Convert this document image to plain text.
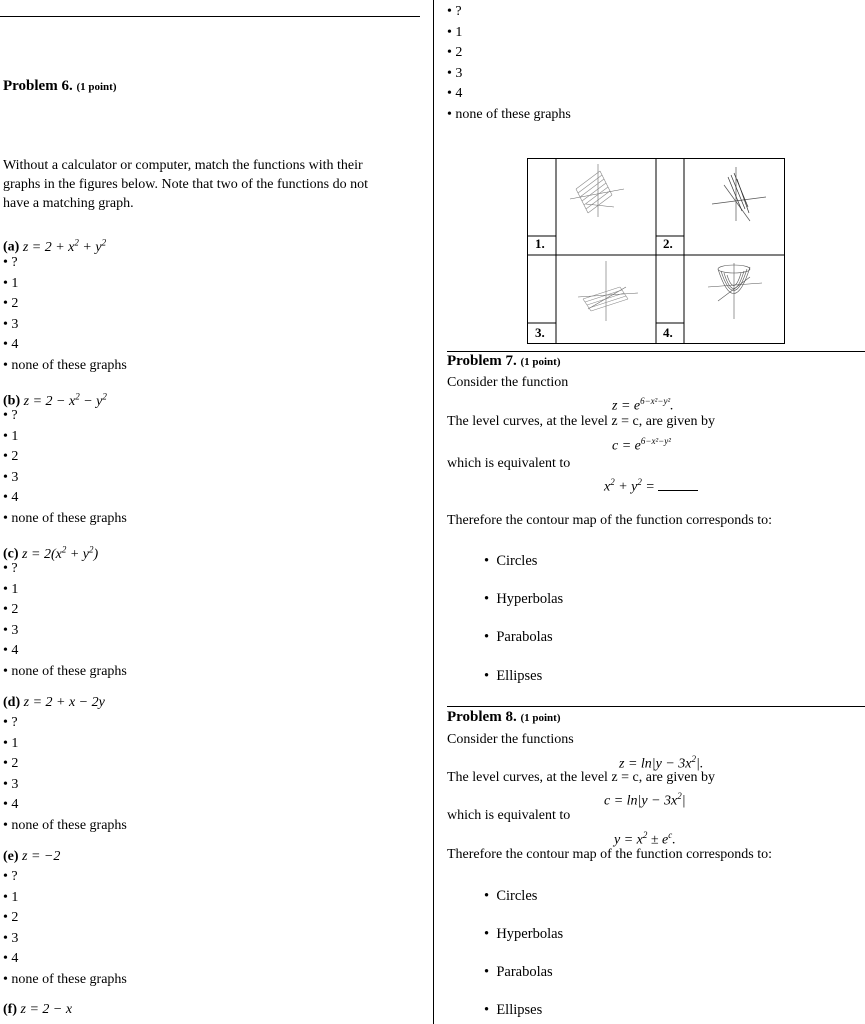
Problem 6. (1 point)
Without a calculator or computer, match the functions with their
graphs in the figures below. Note that two of the functions do not
have a matching graph.
(a) $z = 2 + x^2 + y^2$
(b) $z = 2 - x^2 - y^2$
(c) $z = 2(x^2 + y^2)$
(d) z = 2 + x − 2y
(e) z = −2
(f) z = 2 − x
1.	2.
3.	4.
Problem 7. (1 point)
Consider the function
$z = e^{6-x^2-y^2}$.
The level curves, at the level z = c, are given by
$c = e^{6-x^2-y^2}$
which is equivalent to
$x^2 + y^2$ =
Therefore the contour map of the function corresponds to:
•  Circles
•  Hyperbolas
•  Parabolas
•  Ellipses
Problem 8. (1 point)
Consider the functions
$z = \ln|y - 3x^2|$.
The level curves, at the level z = c, are given by
$c = \ln|y - 3x^2|$
which is equivalent to
$y = x^2 \pm e^c$.
Therefore the contour map of the function corresponds to:
•  Circles
•  Hyperbolas
•  Parabolas
•  Ellipses
• ?
• 1
• 2
• 3
• 4
• none of these graphs
• ?
• 1
• 2
• 3
• 4
• none of these graphs
• ?
• 1
• 2
• 3
• 4
• none of these graphs
• ?
• 1
• 2
• 3
• 4
• none of these graphs
• ?
• 1
• 2
• 3
• 4
• none of these graphs
• ?
• 1
• 2
• 3
• 4
• none of these graphs
